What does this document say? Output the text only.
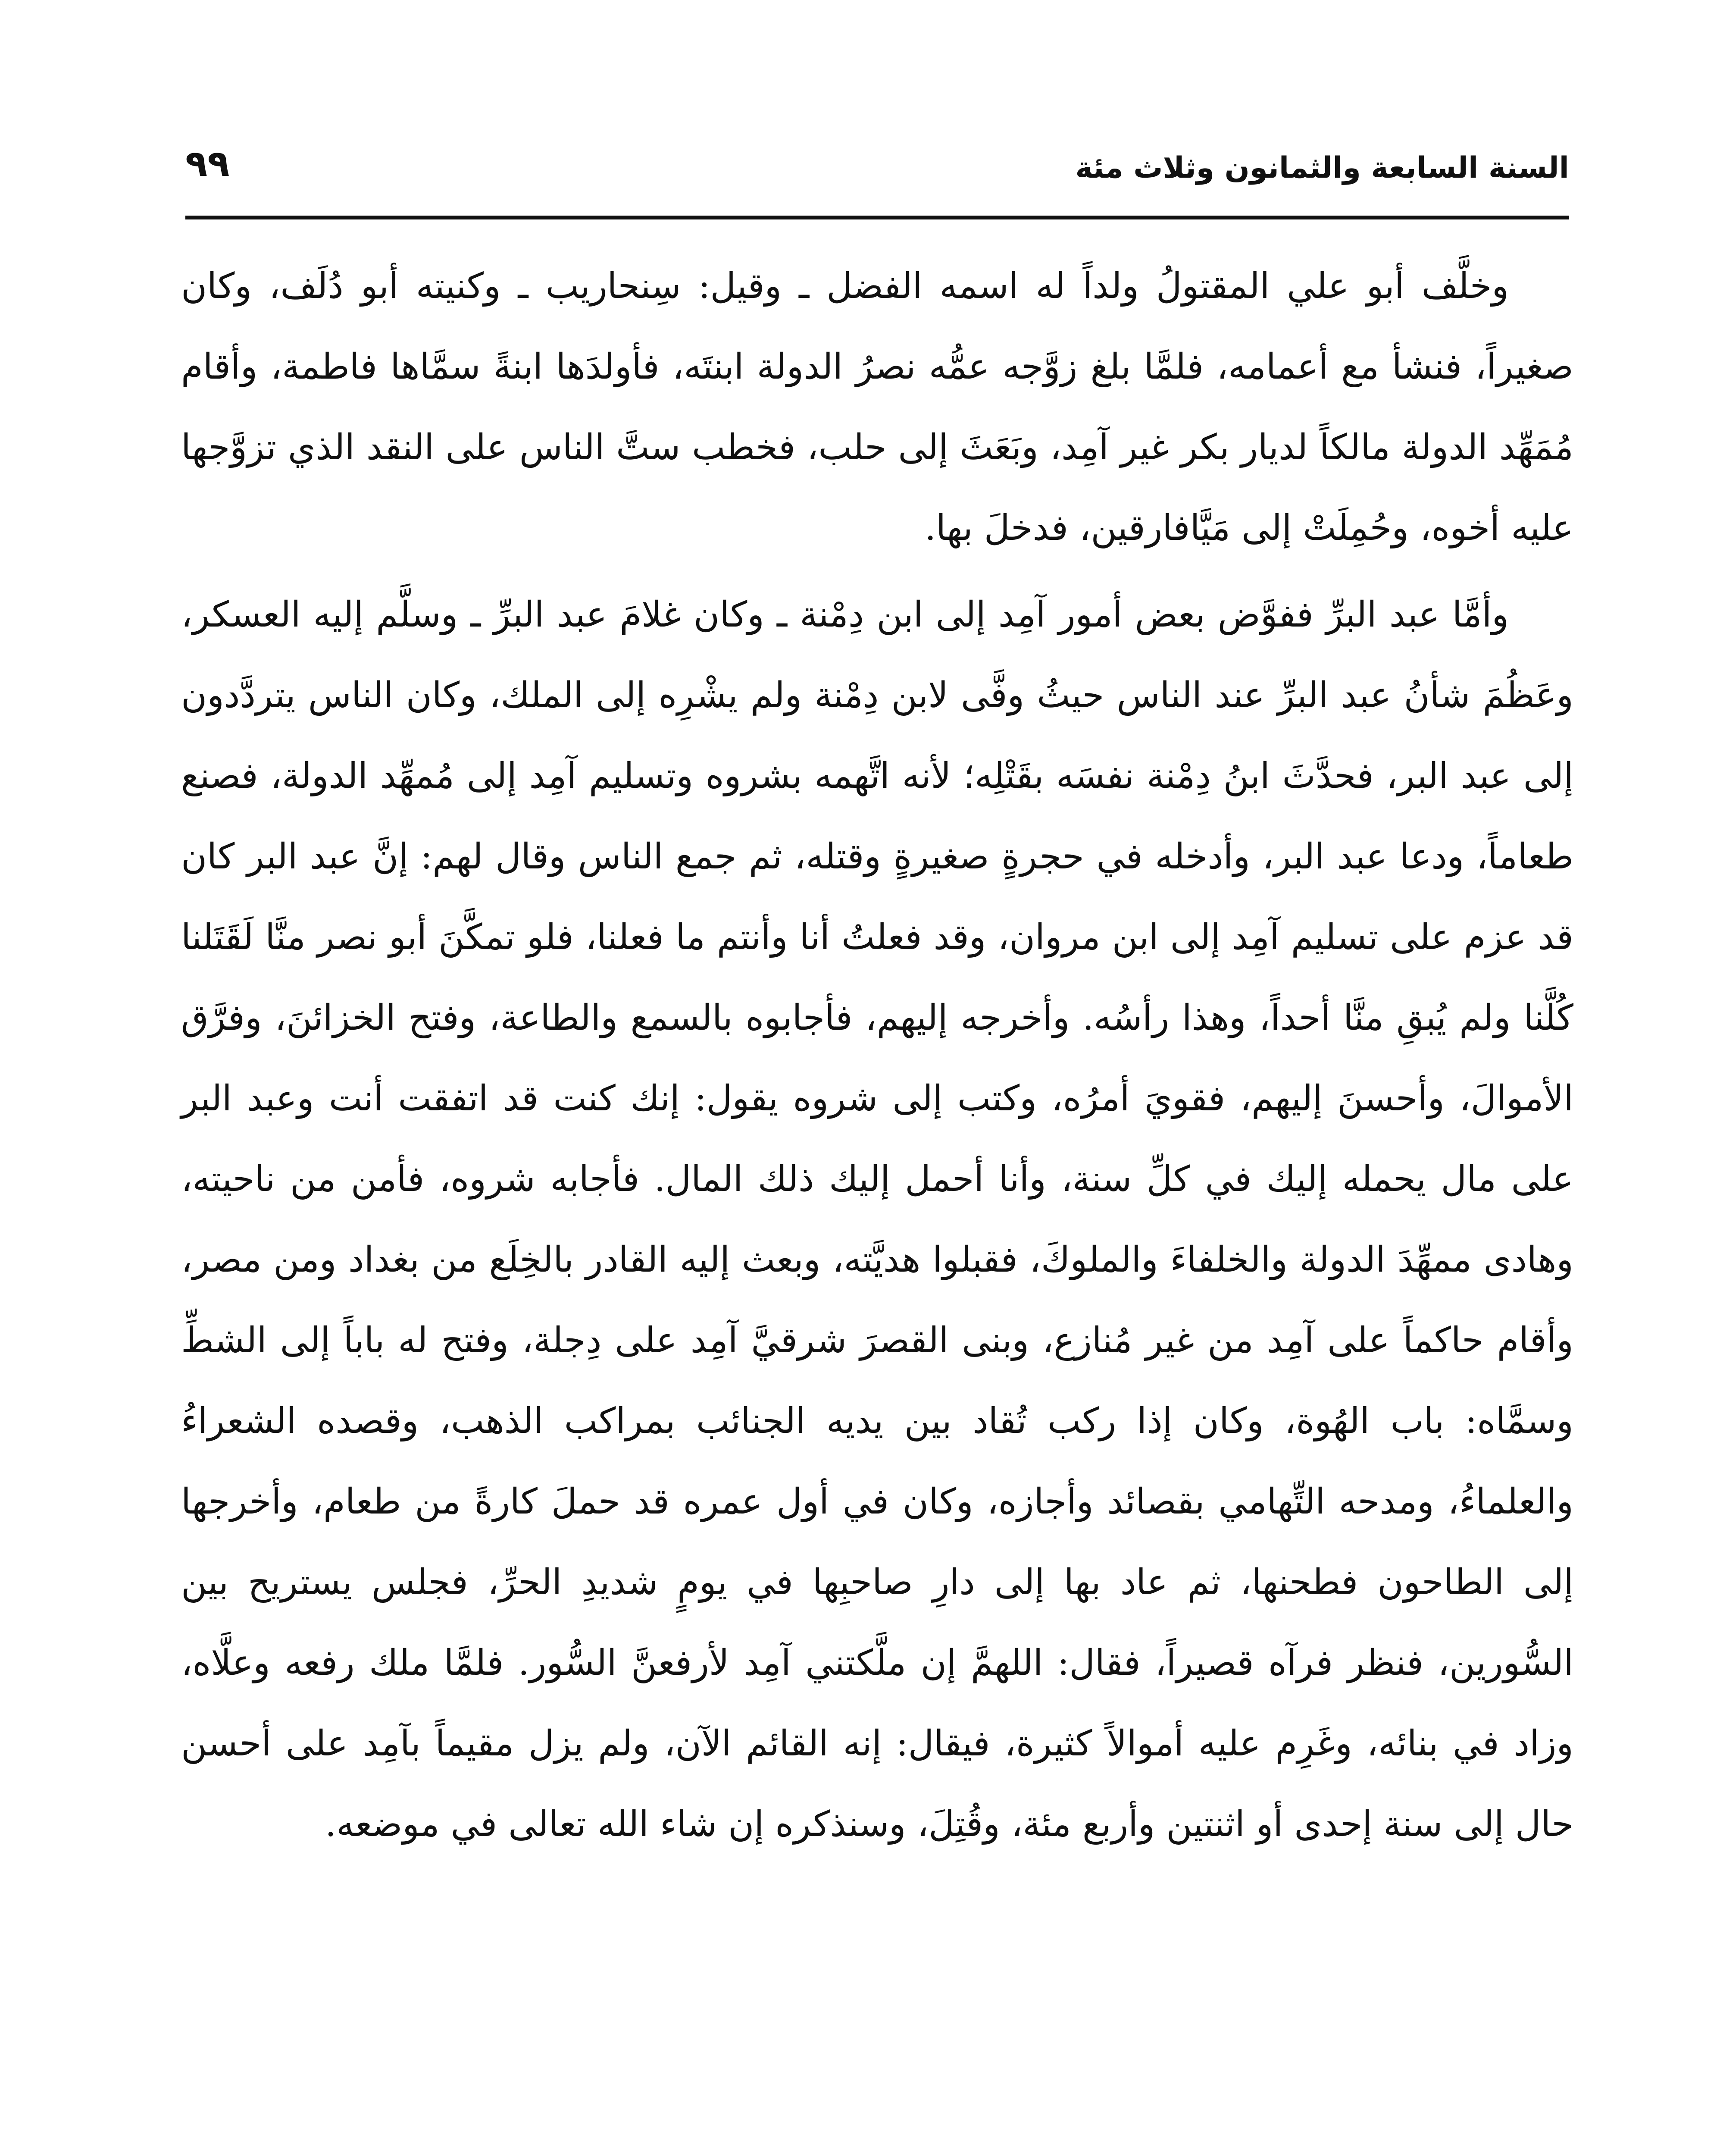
السنة السابعة والثمانون وثلاث مئة
٩٩

وخلَّف أبو علي المقتولُ ولداً له اسمه الفضل ـ وقيل: سِنحاريب ـ وكنيته أبو دُلَف، وكان صغيراً، فنشأ مع أعمامه، فلمَّا بلغ زوَّجه عمُّه نصرُ الدولة ابنتَه، فأولدَها ابنةً سمَّاها فاطمة، وأقام مُمَهِّد الدولة مالكاً لديار بكر غير آمِد، وبَعَثَ إلى حلب، فخطب ستَّ الناس على النقد الذي تزوَّجها عليه أخوه، وحُمِلَتْ إلى مَيَّافارقين، فدخلَ بها.

وأمَّا عبد البرِّ ففوَّض بعض أمور آمِد إلى ابن دِمْنة ـ وكان غلامَ عبد البرِّ ـ وسلَّم إليه العسكر، وعَظُمَ شأنُ عبد البرِّ عند الناس حيثُ وفَّى لابن دِمْنة ولم يشْرِه إلى الملك، وكان الناس يتردَّدون إلى عبد البر، فحدَّثَ ابنُ دِمْنة نفسَه بقَتْلِه؛ لأنه اتَّهمه بشروه وتسليم آمِد إلى مُمهِّد الدولة، فصنع طعاماً، ودعا عبد البر، وأدخله في حجرةٍ صغيرةٍ وقتله، ثم جمع الناس وقال لهم: إنَّ عبد البر كان قد عزم على تسليم آمِد إلى ابن مروان، وقد فعلتُ أنا وأنتم ما فعلنا، فلو تمكَّنَ أبو نصر منَّا لَقَتَلنا كُلَّنا ولم يُبقِ منَّا أحداً، وهذا رأسُه. وأخرجه إليهم، فأجابوه بالسمع والطاعة، وفتح الخزائنَ، وفرَّق الأموالَ، وأحسنَ إليهم، فقويَ أمرُه، وكتب إلى شروه يقول: إنك كنت قد اتفقت أنت وعبد البر على مال يحمله إليك في كلِّ سنة، وأنا أحمل إليك ذلك المال. فأجابه شروه، فأمن من ناحيته، وهادى ممهِّدَ الدولة والخلفاءَ والملوكَ، فقبلوا هديَّته، وبعث إليه القادر بالخِلَع من بغداد ومن مصر، وأقام حاكماً على آمِد من غير مُنازع، وبنى القصرَ شرقيَّ آمِد على دِجلة، وفتح له باباً إلى الشطِّ وسمَّاه: باب الهُوة، وكان إذا ركب تُقاد بين يديه الجنائب بمراكب الذهب، وقصده الشعراءُ والعلماءُ، ومدحه التِّهامي بقصائد وأجازه، وكان في أول عمره قد حملَ كارةً من طعام، وأخرجها إلى الطاحون فطحنها، ثم عاد بها إلى دارِ صاحبِها في يومٍ شديدِ الحرِّ، فجلس يستريح بين السُّورين، فنظر فرآه قصيراً، فقال: اللهمَّ إن ملَّكتني آمِد لأرفعنَّ السُّور. فلمَّا ملك رفعه وعلَّاه، وزاد في بنائه، وغَرِم عليه أموالاً كثيرة، فيقال: إنه القائم الآن، ولم يزل مقيماً بآمِد على أحسن حال إلى سنة إحدى أو اثنتين وأربع مئة، وقُتِلَ، وسنذكره إن شاء الله تعالى في موضعه.
